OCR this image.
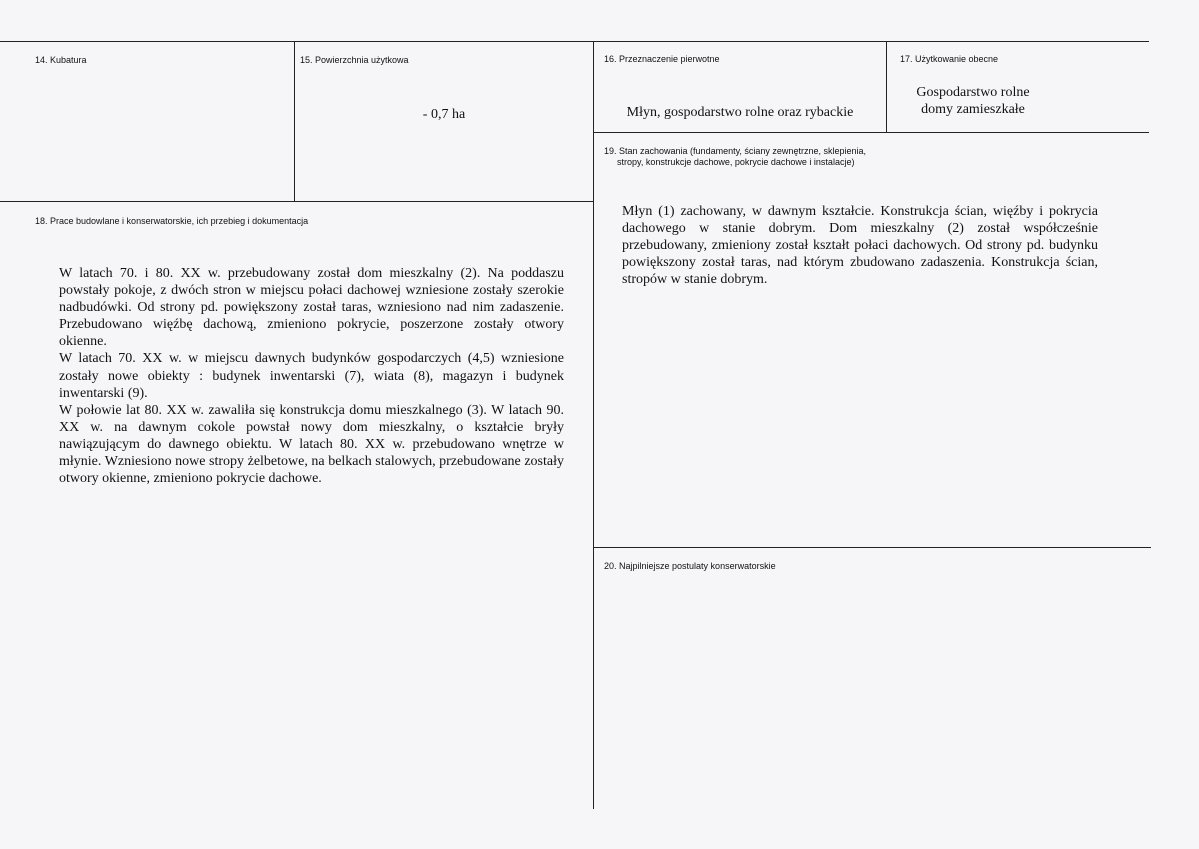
14. Kubatura	15. Powierzchnia użytkowa
- 0,7 ha
16. Przeznaczenie pierwotne
Młyn, gospodarstwo rolne oraz rybackie
17. Użytkowanie obecne
Gospodarstwo rolne
domy zamieszkałe
18. Prace budowlane i konserwatorskie, ich przebieg i dokumentacja
W latach 70. i 80. XX w. przebudowany został dom mieszkalny (2). Na poddaszu powstały pokoje, z dwóch stron w miejscu połaci dachowej wzniesione zostały szerokie nadbudówki. Od strony pd. powiększony został taras, wzniesiono nad nim zadaszenie. Przebudowano więźbę dachową, zmieniono pokrycie, poszerzone zostały otwory okienne.
W latach 70. XX w. w miejscu dawnych budynków gospodarczych (4,5) wzniesione zostały nowe obiekty : budynek inwentarski (7), wiata (8), magazyn i budynek inwentarski (9).
W połowie lat 80. XX w. zawaliła się konstrukcja domu mieszkalnego (3). W latach 90. XX w. na dawnym cokole powstał nowy dom mieszkalny, o kształcie bryły nawiązującym do dawnego obiektu. W latach 80. XX w. przebudowano wnętrze w młynie. Wzniesiono nowe stropy żelbetowe, na belkach stalowych, przebudowane zostały otwory okienne, zmieniono pokrycie dachowe.
19. Stan zachowania (fundamenty, ściany zewnętrzne, sklepienia,
stropy, konstrukcje dachowe, pokrycie dachowe i instalacje)
Młyn (1) zachowany, w dawnym kształcie. Konstrukcja ścian, więźby i pokrycia dachowego w stanie dobrym. Dom mieszkalny (2) został współcześnie przebudowany, zmieniony został kształt połaci dachowych. Od strony pd. budynku powiększony został taras, nad którym zbudowano zadaszenia. Konstrukcja ścian, stropów w stanie dobrym.
20. Najpilniejsze postulaty konserwatorskie
